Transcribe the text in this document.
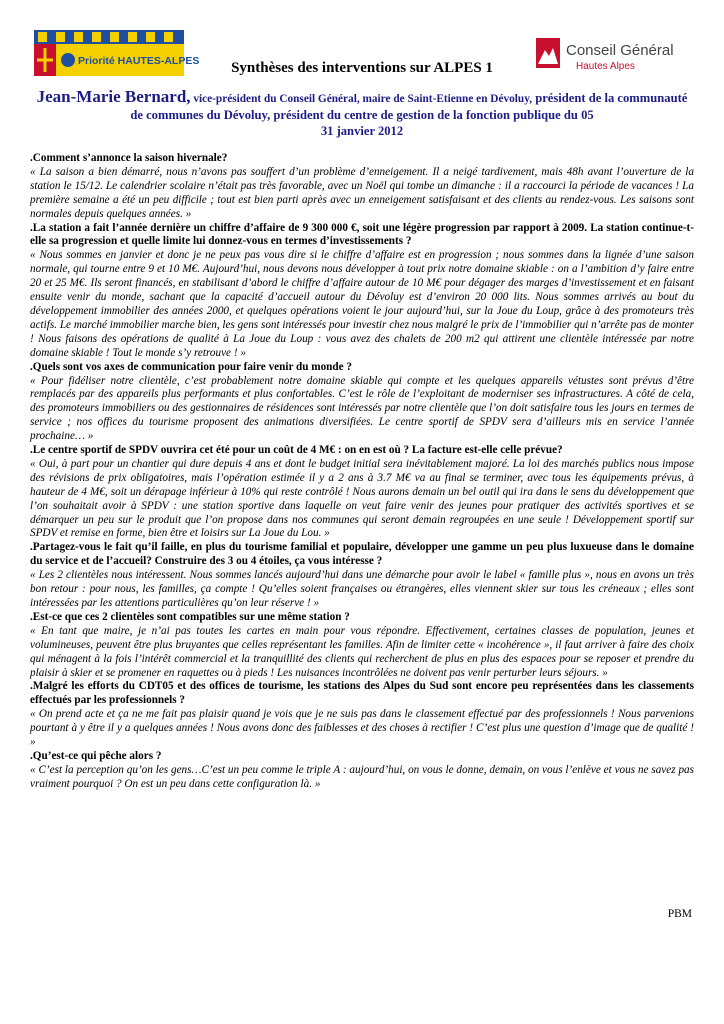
Priorité HAUTES-ALPES
Conseil Général
Hautes Alpes
Synthèses des interventions sur ALPES 1
Jean-Marie Bernard, vice-président du Conseil Général, maire de Saint-Etienne en Dévoluy, président de la communauté de communes du Dévoluy, président du centre de gestion de la fonction publique du 05
31 janvier 2012

.Comment s’annonce la saison hivernale?

« La saison a bien démarré, nous n’avons pas souffert d’un problème d’enneigement. Il a neigé tardivement, mais 48h avant l’ouverture de la station le 15/12. Le calendrier scolaire n’était pas très favorable, avec un Noël qui tombe un dimanche : il a raccourci la période de vacances ! La première semaine a été un peu difficile ; tout est bien parti après avec un enneigement satisfaisant et des clients au rendez-vous. Les saisons sont normales depuis quelques années. »

.La station a fait l’année dernière un chiffre d’affaire de 9 300 000 €, soit une légère progression par rapport à 2009. La station continue-t-elle sa progression et quelle limite lui donnez-vous en termes d’investissements ?

« Nous sommes en janvier et donc je ne peux pas vous dire si le chiffre d’affaire est en progression ; nous sommes dans la lignée d’une saison normale, qui tourne entre 9 et 10 M€. Aujourd’hui, nous devons nous développer à tout prix notre domaine skiable : on a l’ambition d’y faire entre 20 et 25 M€. Ils seront financés, en stabilisant d’abord le chiffre d’affaire autour de 10 M€ pour dégager des marges d’investissement et en faisant ensuite venir du monde, sachant que la capacité d’accueil autour du Dévoluy est d’environ 20 000 lits. Nous sommes arrivés au bout du développement immobilier des années 2000, et quelques opérations voient le jour aujourd’hui, sur la Joue du Loup, grâce à des promoteurs très actifs. Le marché immobilier marche bien, les gens sont intéressés pour investir chez nous malgré le prix de l’immobilier qui n’arrête pas de monter ! Nous faisons des opérations de qualité à La Joue du Loup : vous avez des chalets de 200 m2 qui attirent une clientèle intéressée par notre domaine skiable ! Tout le monde s’y retrouve ! »

.Quels sont vos axes de communication pour faire venir du monde ?

« Pour fidéliser notre clientèle, c’est probablement notre domaine skiable qui compte et les quelques appareils vétustes sont prévus d’être remplacés par des appareils plus performants et plus confortables. C’est le rôle de l’exploitant de moderniser ses infrastructures. A côté de cela, des promoteurs immobiliers ou des gestionnaires de résidences sont intéressés par notre clientèle que l’on doit satisfaire tous les jours en termes de service ; nos offices du tourisme proposent des animations diversifiées. Le centre sportif de SPDV sera d’ailleurs mis en service l’année prochaine… »

.Le centre sportif de SPDV ouvrira cet été pour un coût de 4 M€ : on en est où ? La facture est-elle celle prévue?

« Oui, à part pour un chantier qui dure depuis 4 ans et dont le budget initial sera inévitablement majoré. La loi des marchés publics nous impose des révisions de prix obligatoires, mais l’opération estimée il y a 2 ans à 3.7 M€ va au final se terminer, avec tous les équipements prévus, à hauteur de 4 M€, soit un dérapage inférieur à 10% qui reste contrôlé ! Nous aurons demain un bel outil qui ira dans le sens du développement que l’on souhaitait avoir à SPDV : une station sportive dans laquelle on veut faire venir des jeunes pour pratiquer des activités sportives et se démarquer un peu sur le produit que l’on propose dans nos communes qui seront demain regroupées en une seule ! Développement sportif sur SPDV et remise en forme, bien être et loisirs sur La Joue du Lou. »

.Partagez-vous le fait qu’il faille, en plus du tourisme familial et populaire, développer une gamme un peu plus luxueuse dans le domaine du service et de l’accueil? Construire des 3 ou 4 étoiles, ça vous intéresse ?

« Les 2 clientèles nous intéressent. Nous sommes lancés aujourd’hui dans une démarche pour avoir le label « famille plus », nous en avons un très bon retour : pour nous, les familles, ça compte ! Qu’elles soient françaises ou étrangères, elles viennent skier sur tous les créneaux ; elles sont intéressées par les attentions particulières qu’on leur réserve ! »

.Est-ce que ces 2 clientèles sont compatibles sur une même station ?

« En tant que maire, je n’ai pas toutes les cartes en main pour vous répondre. Effectivement, certaines classes de population, jeunes et volumineuses, peuvent être plus bruyantes que celles représentant les familles. Afin de limiter cette « incohérence », il faut arriver à faire des choix qui ménagent à la fois l’intérêt commercial et la tranquillité des clients qui recherchent de plus en plus des espaces pour se reposer et prendre du plaisir à skier et se promener en raquettes ou à pieds ! Les nuisances incontrôlées ne doivent pas venir perturber leurs séjours. »

.Malgré les efforts du CDT05 et des offices de tourisme, les stations des Alpes du Sud sont encore peu représentées dans les classements effectués par les professionnels ?

« On prend acte et ça ne me fait pas plaisir quand je vois que je ne suis pas dans le classement effectué par des professionnels ! Nous parvenions pourtant à y être il y a quelques années ! Nous avons donc des faiblesses et des choses à rectifier ! C’est plus une question d’image que de qualité ! »

.Qu’est-ce qui pêche alors ?

« C’est la perception qu’on les gens…C’est un peu comme le triple A : aujourd’hui, on vous le donne, demain, on vous l’enlève et vous ne savez pas vraiment pourquoi ? On est un peu dans cette configuration là. »

PBM
